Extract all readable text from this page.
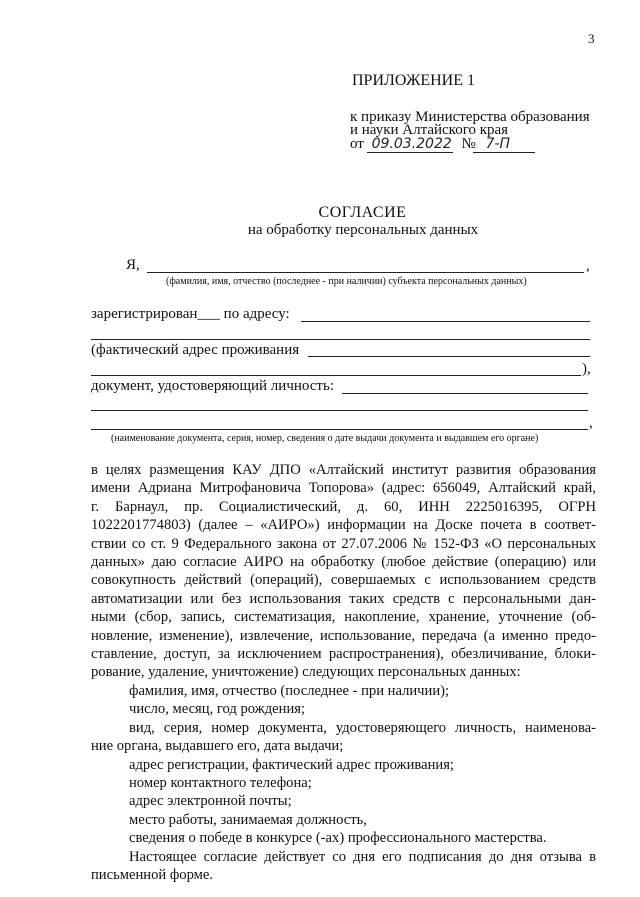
3
ПРИЛОЖЕНИЕ 1
к приказу Министерства образования
и науки Алтайского края
от 09.03.2022 № 7-П
СОГЛАСИЕ
на обработку персональных данных
Я,	,
(фамилия, имя, отчество (последнее - при наличии) субъекта персональных данных)
зарегистрирован___ по адресу:
(фактический адрес проживания
),
документ, удостоверяющий личность:
,
(наименование документа, серия, номер, сведения о дате выдачи документа и выдавшем его органе)

в целях размещения КАУ ДПО «Алтайский институт развития образования

имени Адриана Митрофановича Топорова» (адрес: 656049, Алтайский край,

г. Барнаул, пр. Социалистический, д. 60, ИНН 2225016395, ОГРН

1022201774803) (далее – «АИРО») информации на Доске почета в соответ-

ствии со ст. 9 Федерального закона от 27.07.2006 № 152-ФЗ «О персональных

данных» даю согласие АИРО на обработку (любое действие (операцию) или

совокупность действий (операций), совершаемых с использованием средств

автоматизации или без использования таких средств с персональными дан-

ными (сбор, запись, систематизация, накопление, хранение, уточнение (об-

новление, изменение), извлечение, использование, передача (а именно предо-

ставление, доступ, за исключением распространения), обезличивание, блоки-

рование, удаление, уничтожение) следующих персональных данных:

фамилия, имя, отчество (последнее - при наличии);

число, месяц, год рождения;

вид, серия, номер документа, удостоверяющего личность, наименова-

ние органа, выдавшего его, дата выдачи;

адрес регистрации, фактический адрес проживания;

номер контактного телефона;

адрес электронной почты;

место работы, занимаемая должность,

сведения о победе в конкурсе (-ах) профессионального мастерства.

Настоящее согласие действует со дня его подписания до дня отзыва в

письменной форме.
